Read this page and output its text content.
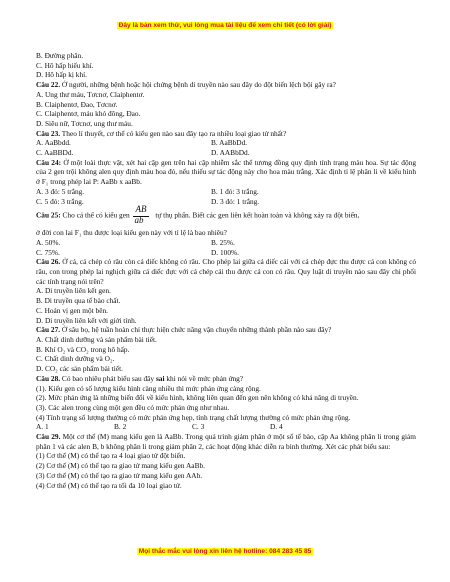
Đây là bản xem thử, vui lòng mua tài liệu để xem chi tiết (có lời giải)
B. Đường phân.
C. Hô hấp hiếu khí.
D. Hô hấp kị khí.
Câu 22. Ở người, những bệnh hoặc hội chứng bệnh di truyền nào sau đây do đột biến lệch bội gây ra?
A. Ung thư máu, Tơcnơ, Claiphentơ.
B. Claiphentơ, Đao, Tơcnơ.
C. Claiphentơ, máu khó đông, Đao.
D. Siêu nữ, Tơcnơ, ung thư máu.
Câu 23. Theo lí thuyết, cơ thể có kiểu gen nào sau đây tạo ra nhiều loại giao tử nhất?
A. AaBbdd.	B. AaBbDd.
C. AaBBDd.	D. AABbDd.
Câu 24: Ở một loài thực vật, xét hai cặp gen trên hai cặp nhiễm sắc thể tương đồng quy định tính trạng màu hoa. Sự tác động của 2 gen trội không alen quy định màu hoa đỏ, nếu thiếu sự tác động này cho hoa màu trắng. Xác định tỉ lệ phân li về kiểu hình ở F₁ trong phép lai P: AaBb x aaBb.
A. 3 đỏ: 5 trắng.	B. 1 đỏ: 3 trắng.
C. 5 đỏ: 3 trắng.	D. 3 đỏ: 1 trắng.
Câu 25: Cho cá thể có kiểu gen $\frac{AB}{ab}$ tự thụ phấn. Biết các gen liên kết hoàn toàn và không xảy ra đột biến,
ở đời con lai F₁ thu được loại kiểu gen này với tỉ lệ là bao nhiêu?
A. 50%.	B. 25%.
C. 75%.	D. 100%.
Câu 26. Ở cá, cá chép có râu còn cá diếc không có râu. Cho phép lai giữa cá diếc cái với cá chép đực thu được cá con không có râu, con trong phép lai nghịch giữa cá diếc đực với cá chép cái thu được cá con có râu. Quy luật di truyền nào sau đây chi phối các tính trạng nói trên?
A. Di truyền liên kết gen.
B. Di truyền qua tế bào chất.
C. Hoán vị gen một bên.
D. Di truyền liên kết với giới tính.
Câu 27. Ở sâu bọ, hệ tuần hoàn chỉ thực hiện chức năng vận chuyển những thành phần nào sau đây?
A. Chất dinh dưỡng và sản phẩm bài tiết.
B. Khí O₂ và CO₂ trong hô hấp.
C. Chất dinh dưỡng và O₂.
D. CO₂ các sản phẩm bài tiết.
Câu 28. Có bao nhiêu phát biểu sau đây sai khi nói về mức phản ứng?
(1). Kiểu gen có số lượng kiểu hình càng nhiều thì mức phản ứng càng rộng.
(2). Mức phản ứng là những biến đổi về kiểu hình, không liên quan đến gen nên không có khả năng di truyền.
(3). Các alen trong cùng một gen đều có mức phản ứng như nhau.
(4) Tính trạng số lượng thường có mức phản ứng hẹp, tính trạng chất lượng thường có mức phản ứng rộng.
A. 1	B. 2	C. 3	D. 4
Câu 29. Một cơ thể (M) mang kiểu gen là AaBb. Trong quá trình giảm phân ở một số tế bào, cặp Aa không phân li trong giảm phân 1 và các alen B, b không phân li trong giảm phân 2, các hoạt động khác diễn ra bình thường. Xét các phát biểu sau:
(1) Cơ thể (M) có thể tạo ra 4 loại giao tử đột biến.
(2) Cơ thể (M) có thể tạo ra giao tử mang kiểu gen AaBb.
(3) Cơ thể (M) có thể tạo ra giao tử mang kiểu gen AAb.
(4) Cơ thể (M) có thể tạo ra tối đa 10 loại giao tử.
Mọi thắc mắc vui lòng xin liên hệ hotline: 084 283 45 85
